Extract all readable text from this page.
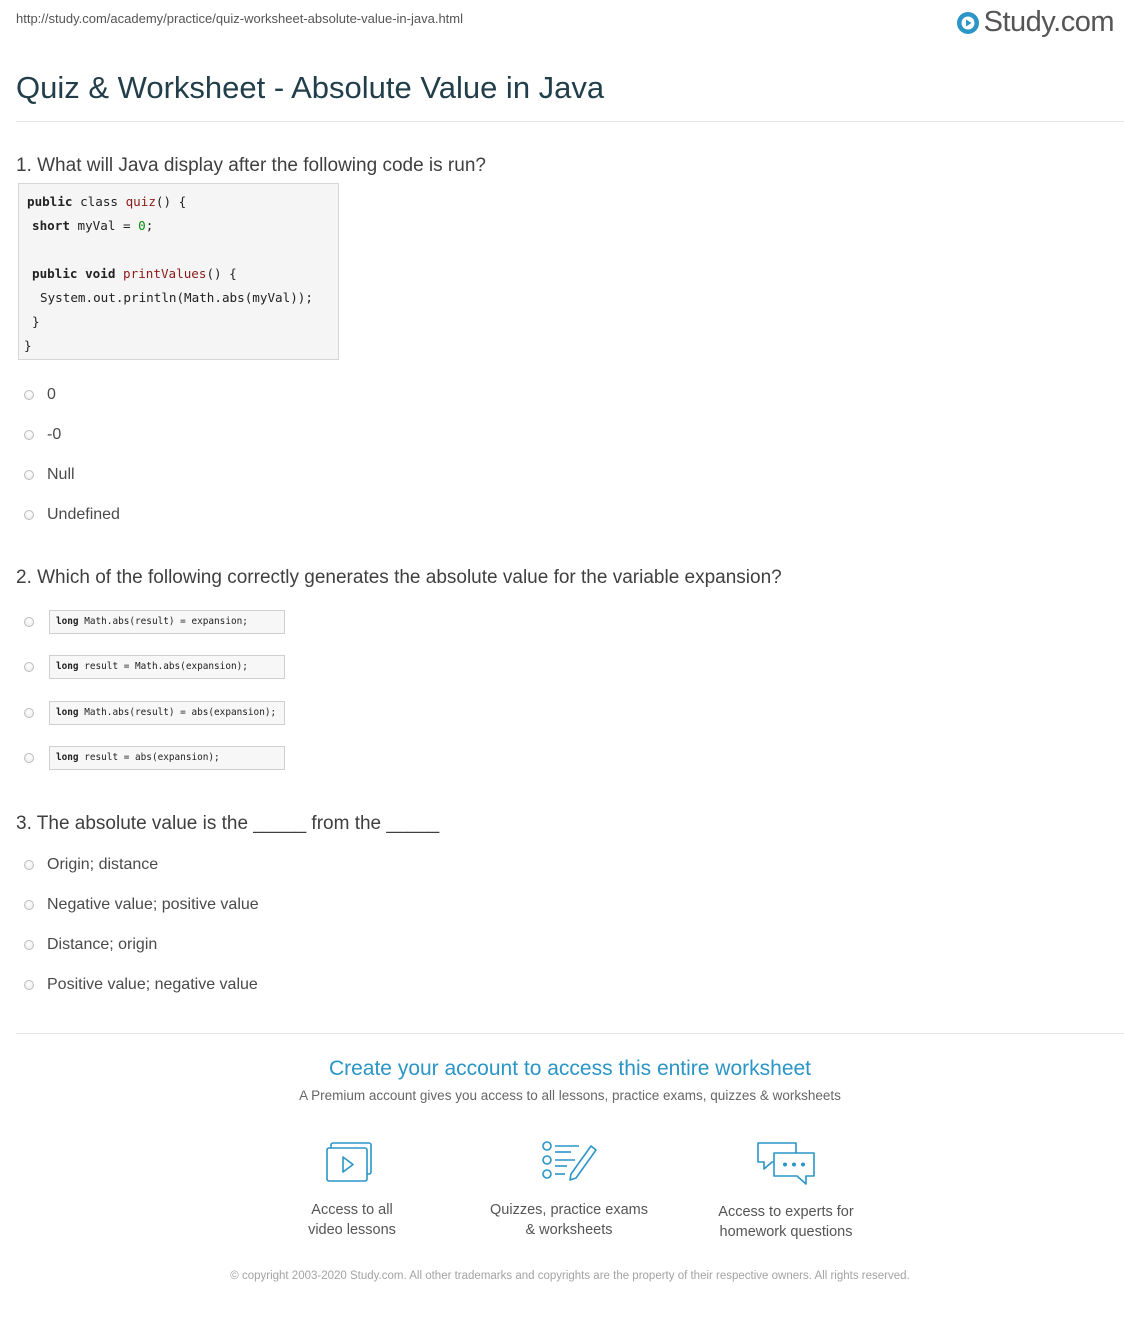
http://study.com/academy/practice/quiz-worksheet-absolute-value-in-java.html	Study.com
Quiz & Worksheet - Absolute Value in Java
1. What will Java display after the following code is run?
public class quiz() {
short myVal = 0;
public void printValues() {
System.out.println(Math.abs(myVal));
}
}
0
-0
Null
Undefined
2. Which of the following correctly generates the absolute value for the variable expansion?
long Math.abs(result) = expansion;
long result = Math.abs(expansion);
long Math.abs(result) = abs(expansion);
long result = abs(expansion);
3. The absolute value is the _____ from the _____
Origin; distance
Negative value; positive value
Distance; origin
Positive value; negative value
Create your account to access this entire worksheet
A Premium account gives you access to all lessons, practice exams, quizzes & worksheets
Access to all
video lessons
Quizzes, practice exams
& worksheets
Access to experts for
homework questions
© copyright 2003-2020 Study.com. All other trademarks and copyrights are the property of their respective owners. All rights reserved.
